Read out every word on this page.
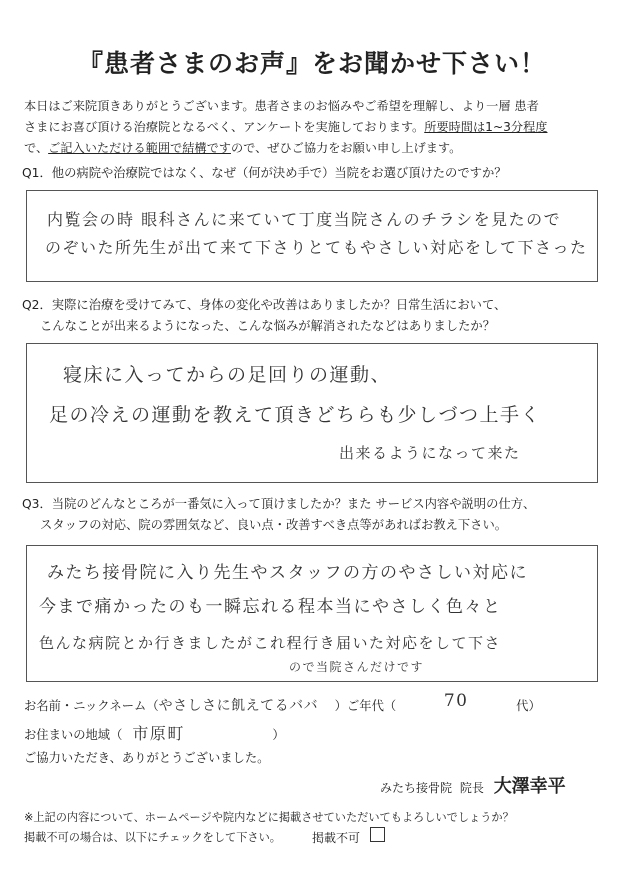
『患者さまのお声』をお聞かせ下さい！

本日はご来院頂きありがとうございます。患者さまのお悩みやご希望を理解し、より一層 患者

さまにお喜び頂ける治療院となるべく、アンケートを実施しております。所要時間は1~3分程度

で、ご記入いただける範囲で結構ですので、ぜひご協力をお願い申し上げます。

Q1．他の病院や治療院ではなく、なぜ（何が決め手で）当院をお選び頂けたのですか？
内覧会の時 眼科さんに来ていて丁度当院さんのチラシを見たので
のぞいた所先生が出て来て下さりとてもやさしい対応をして下さった
Q2．実際に治療を受けてみて、身体の変化や改善はありましたか？日常生活において、
こんなことが出来るようになった、こんな悩みが解消されたなどはありましたか？
寝床に入ってからの足回りの運動、
足の冷えの運動を教えて頂きどちらも少しづつ上手く
出来るようになって来た
Q3．当院のどんなところが一番気に入って頂けましたか？また サービス内容や説明の仕方、
スタッフの対応、院の雰囲気など、良い点・改善すべき点等があればお教え下さい。
みたち接骨院に入り先生やスタッフの方のやさしい対応に
今まで痛かったのも一瞬忘れる程本当にやさしく色々と
色んな病院とか行きましたがこれ程行き届いた対応をして下さ
ので当院さんだけです
お名前・ニックネーム（やさしさに飢えてるババ ）ご年代（	70	代）
お住まいの地域（ 市原町	）
ご協力いただき、ありがとうございました。
みたち接骨院 院長 大澤幸平
※上記の内容について、ホームページや院内などに掲載させていただいてもよろしいでしょうか？
掲載不可の場合は、以下にチェックをして下さい。	掲載不可
